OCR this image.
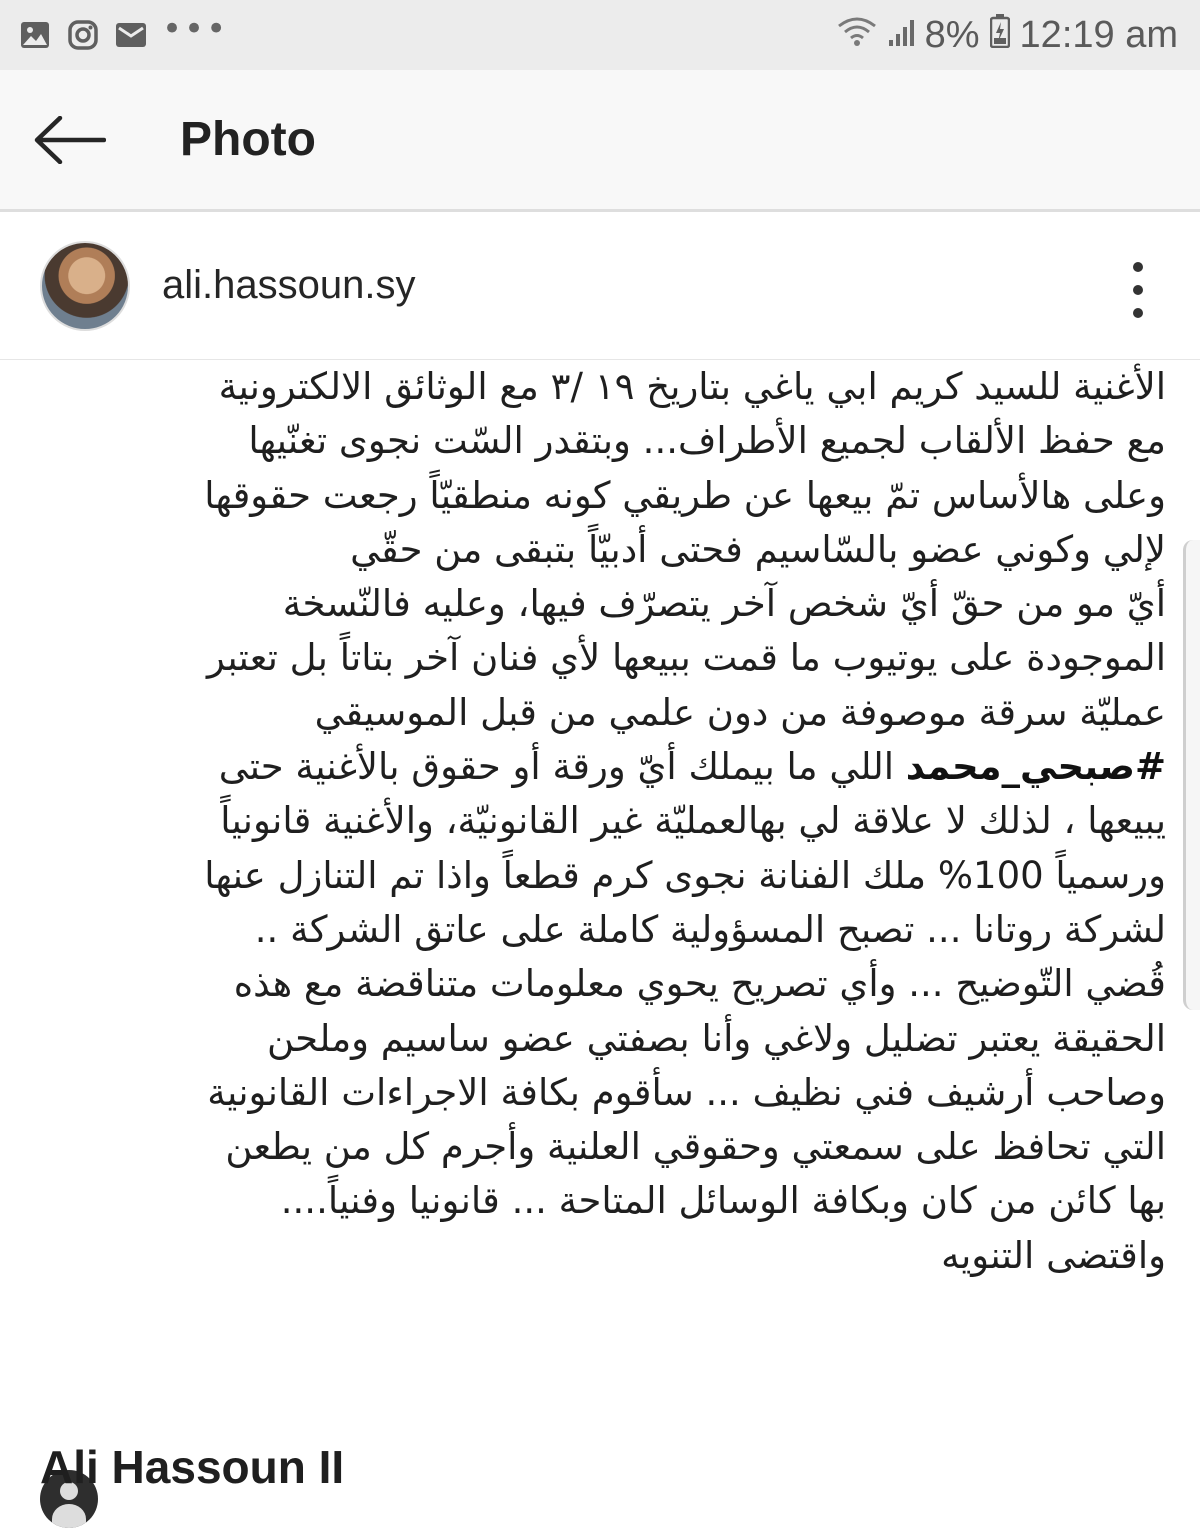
•••	8% 12:19 am
Photo
ali.hassoun.sy
الأغنية للسيد كريم ابي ياغي بتاريخ ١٩ /٣ مع الوثائق الالكترونية
مع حفظ الألقاب لجميع الأطراف... وبتقدر السّت نجوى تغنّيها
وعلى هالأساس تمّ بيعها عن طريقي كونه منطقيّاً رجعت حقوقها
لإلي وكوني عضو بالسّاسيم فحتى أدبيّاً بتبقى من حقّي
أيّ مو من حقّ أيّ شخص آخر يتصرّف فيها، وعليه فالنّسخة
الموجودة على يوتيوب ما قمت ببيعها لأي فنان آخر بتاتاً بل تعتبر
عمليّة سرقة موصوفة من دون علمي من قبل الموسيقي
#صبحي_محمد اللي ما بيملك أيّ ورقة أو حقوق بالأغنية حتى
يبيعها ، لذلك لا علاقة لي بهالعمليّة غير القانونيّة، والأغنية قانونياً
ورسمياً 100% ملك الفنانة نجوى كرم قطعاً واذا تم التنازل عنها
لشركة روتانا ... تصبح المسؤولية كاملة على عاتق الشركة ..
قُضي التّوضيح ... وأي تصريح يحوي معلومات متناقضة مع هذه
الحقيقة يعتبر تضليل ولاغي وأنا بصفتي عضو ساسيم وملحن
وصاحب أرشيف فني نظيف ... سأقوم بكافة الاجراءات القانونية
التي تحافظ على سمعتي وحقوقي العلنية وأجرم كل من يطعن
بها كائن من كان وبكافة الوسائل المتاحة ... قانونيا وفنياً....
واقتضى التنويه
Ali Hassoun II
